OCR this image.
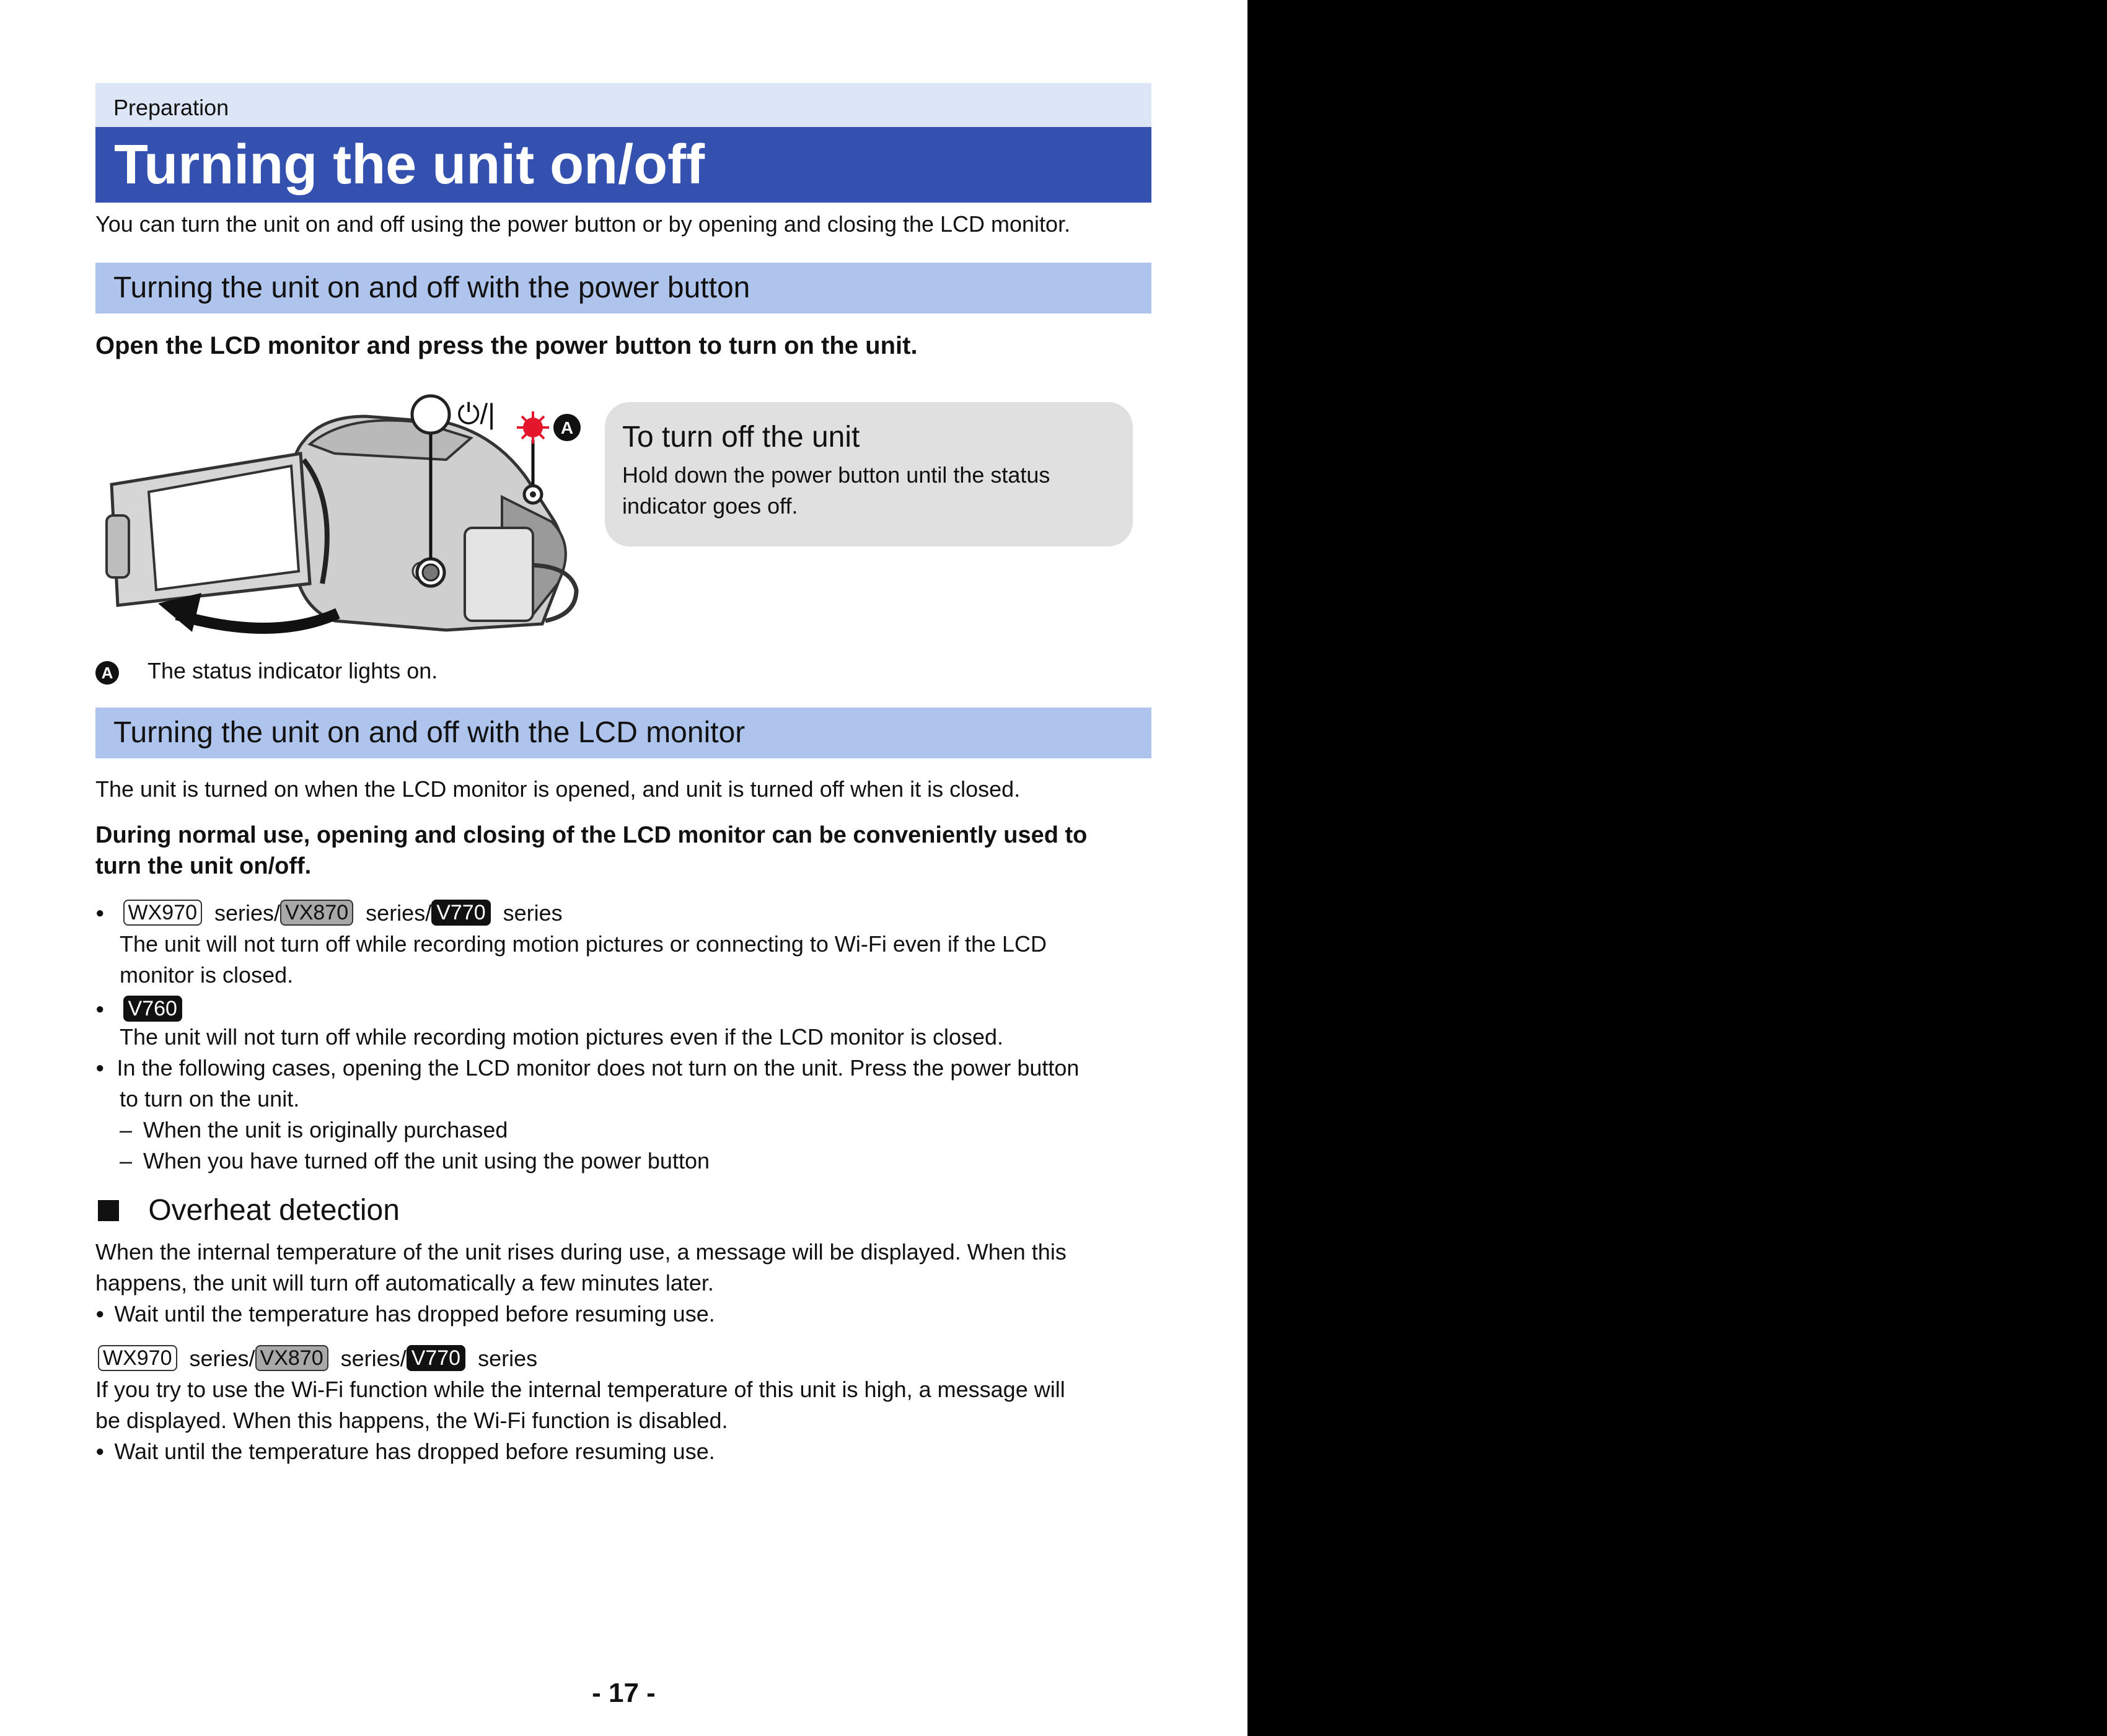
Preparation
Turning the unit on/off
You can turn the unit on and off using the power button or by opening and closing the LCD monitor.
Turning the unit on and off with the power button
Open the LCD monitor and press the power button to turn on the unit.
⏻/|	A To turn off the unit
Hold down the power button until the status
indicator goes off.
A The status indicator lights on.
Turning the unit on and off with the LCD monitor
The unit is turned on when the LCD monitor is opened, and unit is turned off when it is closed.
During normal use, opening and closing of the LCD monitor can be conveniently used to
turn the unit on/off.
● WX970 series/ VX870 series/ V770 series
The unit will not turn off while recording motion pictures or connecting to Wi-Fi even if the LCD
monitor is closed.
● V760
The unit will not turn off while recording motion pictures even if the LCD monitor is closed.
● In the following cases, opening the LCD monitor does not turn on the unit. Press the power button
to turn on the unit.
– When the unit is originally purchased
– When you have turned off the unit using the power button
Overheat detection
When the internal temperature of the unit rises during use, a message will be displayed. When this
happens, the unit will turn off automatically a few minutes later.
● Wait until the temperature has dropped before resuming use.
WX970 series/ VX870 series/ V770 series
If you try to use the Wi-Fi function while the internal temperature of this unit is high, a message will
be displayed. When this happens, the Wi-Fi function is disabled.
● Wait until the temperature has dropped before resuming use.
- 17 -
